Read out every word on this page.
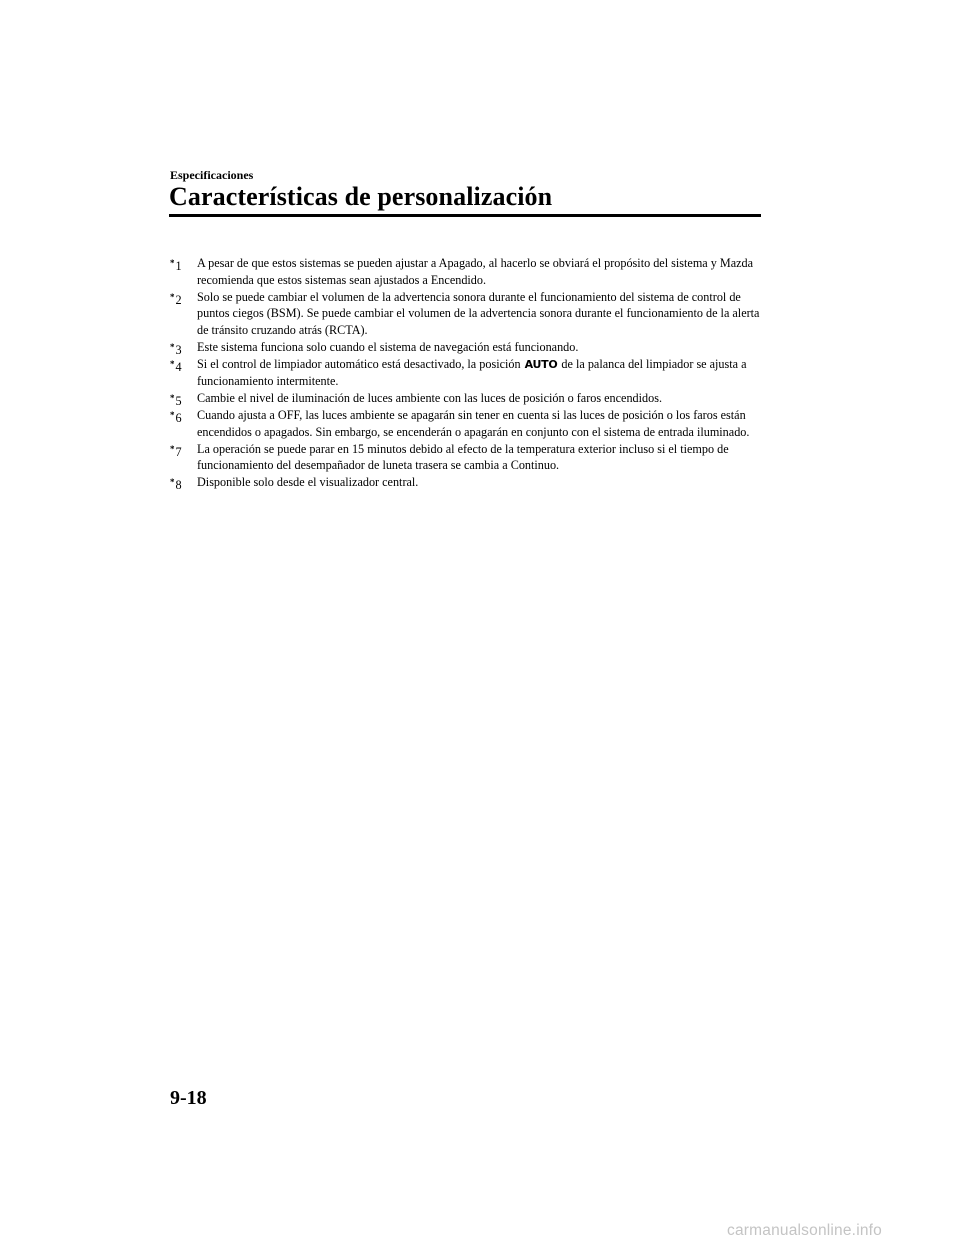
Especificaciones
Características de personalización
*1 A pesar de que estos sistemas se pueden ajustar a Apagado, al hacerlo se obviará el propósito del sistema y Mazda recomienda que estos sistemas sean ajustados a Encendido.
*2 Solo se puede cambiar el volumen de la advertencia sonora durante el funcionamiento del sistema de control de puntos ciegos (BSM). Se puede cambiar el volumen de la advertencia sonora durante el funcionamiento de la alerta de tránsito cruzando atrás (RCTA).
*3 Este sistema funciona solo cuando el sistema de navegación está funcionando.
*4 Si el control de limpiador automático está desactivado, la posición AUTO de la palanca del limpiador se ajusta a funcionamiento intermitente.
*5 Cambie el nivel de iluminación de luces ambiente con las luces de posición o faros encendidos.
*6 Cuando ajusta a OFF, las luces ambiente se apagarán sin tener en cuenta si las luces de posición o los faros están encendidos o apagados. Sin embargo, se encenderán o apagarán en conjunto con el sistema de entrada iluminado.
*7 La operación se puede parar en 15 minutos debido al efecto de la temperatura exterior incluso si el tiempo de funcionamiento del desempañador de luneta trasera se cambia a Continuo.
*8 Disponible solo desde el visualizador central.
9-18
carmanualsonline.info
